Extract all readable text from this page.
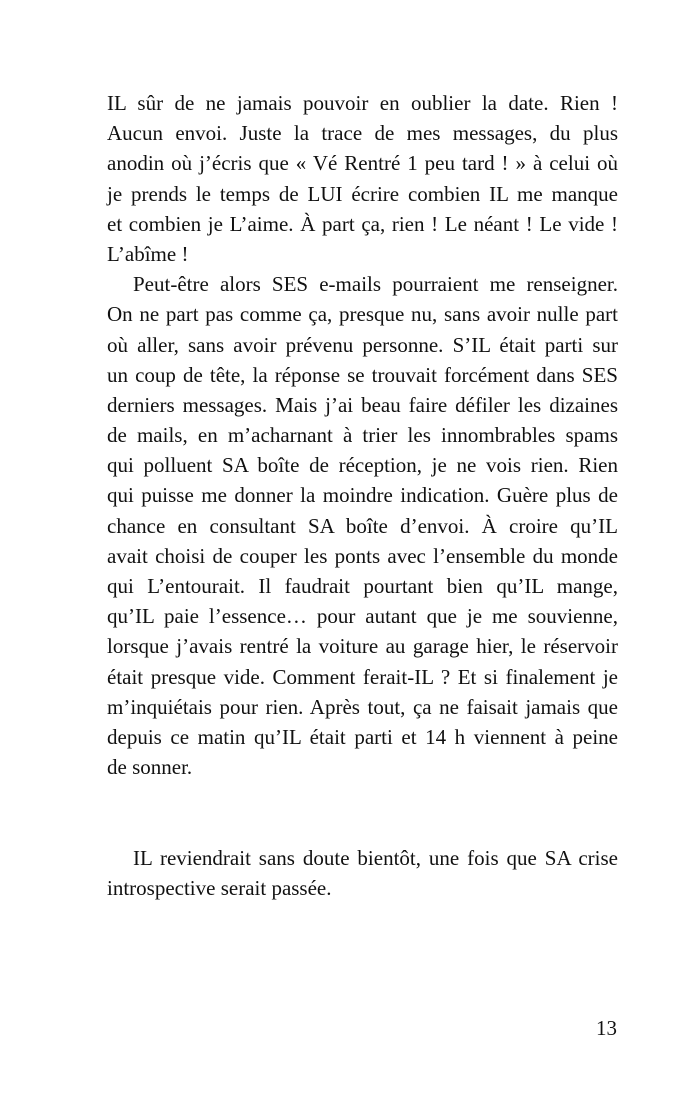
IL sûr de ne jamais pouvoir en oublier la date. Rien !
Aucun envoi. Juste la trace de mes messages, du plus
anodin où j’écris que « Vé Rentré 1 peu tard ! » à celui où
je prends le temps de LUI écrire combien IL me manque
et combien je L’aime. À part ça, rien ! Le néant ! Le vide !
L’abîme !
Peut-être alors SES e-mails pourraient me renseigner.
On ne part pas comme ça, presque nu, sans avoir nulle part
où aller, sans avoir prévenu personne. S’IL était parti sur
un coup de tête, la réponse se trouvait forcément dans SES
derniers messages. Mais j’ai beau faire défiler les dizaines
de mails, en m’acharnant à trier les innombrables spams
qui polluent SA boîte de réception, je ne vois rien. Rien
qui puisse me donner la moindre indication. Guère plus de
chance en consultant SA boîte d’envoi. À croire qu’IL
avait choisi de couper les ponts avec l’ensemble du monde
qui L’entourait. Il faudrait pourtant bien qu’IL mange,
qu’IL paie l’essence… pour autant que je me souvienne,
lorsque j’avais rentré la voiture au garage hier, le réservoir
était presque vide. Comment ferait-IL ? Et si finalement je
m’inquiétais pour rien. Après tout, ça ne faisait jamais que
depuis ce matin qu’IL était parti et 14 h viennent à peine
de sonner.
IL reviendrait sans doute bientôt, une fois que SA crise
introspective serait passée.
13
